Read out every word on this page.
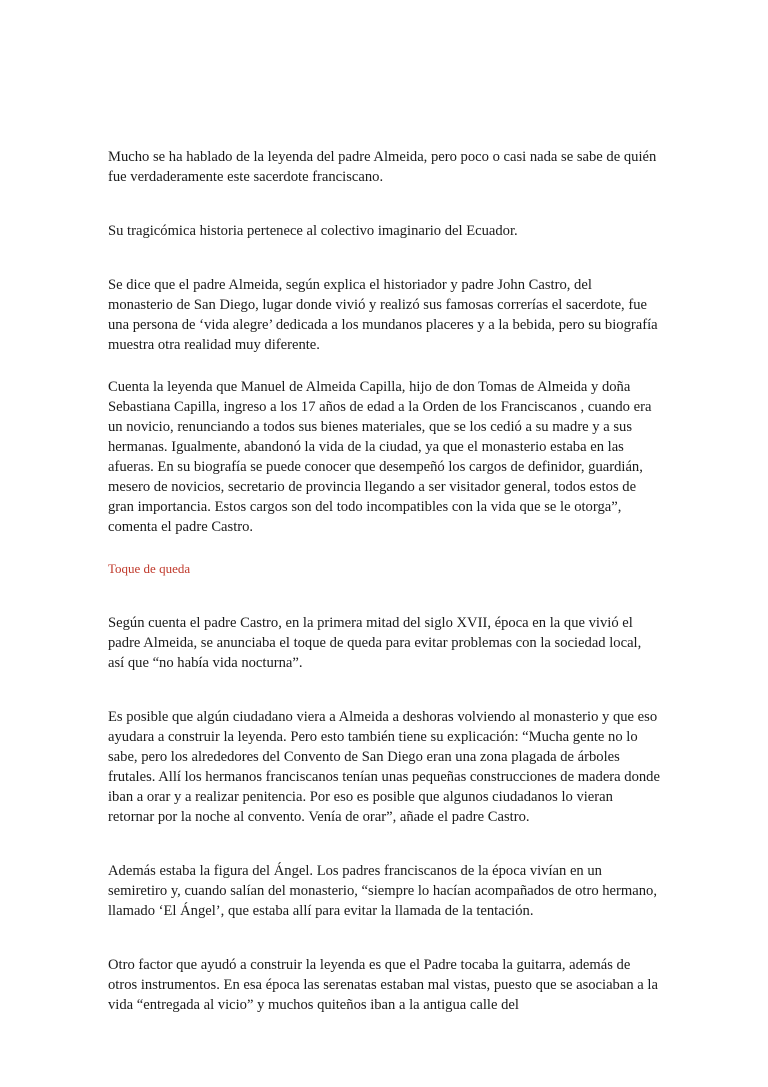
Mucho se ha hablado de la leyenda del padre Almeida, pero poco o casi nada se sabe de quién fue verdaderamente este sacerdote franciscano.

Su tragicómica historia pertenece al colectivo imaginario del Ecuador.

Se dice que el padre Almeida, según explica el historiador y padre John Castro, del monasterio de San Diego, lugar donde vivió y realizó sus famosas correrías el sacerdote, fue una persona de ‘vida alegre’ dedicada a los mundanos placeres y a la bebida, pero su biografía muestra otra realidad muy diferente.

Cuenta la leyenda que Manuel de Almeida Capilla, hijo de don Tomas de Almeida y doña Sebastiana Capilla, ingreso a los 17 años de edad a la Orden de los Franciscanos , cuando era un novicio, renunciando a todos sus bienes materiales, que se los cedió a su madre y a sus hermanas. Igualmente, abandonó la vida de la ciudad, ya que el monasterio estaba en las afueras. En su biografía se puede conocer que desempeñó los cargos de definidor, guardián, mesero de novicios, secretario de provincia llegando a ser visitador general, todos estos de gran importancia. Estos cargos son del todo incompatibles con la vida que se le otorga”, comenta el padre Castro.

Toque de queda

Según cuenta el padre Castro, en la primera mitad del siglo XVII, época en la que vivió el padre Almeida, se anunciaba el toque de queda para evitar problemas con la sociedad local, así que “no había vida nocturna”.

Es posible que algún ciudadano viera a Almeida a deshoras volviendo al monasterio y que eso ayudara a construir la leyenda. Pero esto también tiene su explicación: “Mucha gente no lo sabe, pero los alrededores del Convento de San Diego eran una zona plagada de árboles frutales. Allí los hermanos franciscanos tenían unas pequeñas construcciones de madera donde iban a orar y a realizar penitencia. Por eso es posible que algunos ciudadanos lo vieran retornar por la noche al convento. Venía de orar”, añade el padre Castro.

Además estaba la figura del Ángel. Los padres franciscanos de la época vivían en un semiretiro y, cuando salían del monasterio, “siempre lo hacían acompañados de otro hermano, llamado ‘El Ángel’, que estaba allí para evitar la llamada de la tentación.

Otro factor que ayudó a construir la leyenda es que el Padre tocaba la guitarra, además de otros instrumentos. En esa época las serenatas estaban mal vistas, puesto que se asociaban a la vida “entregada al vicio” y muchos quiteños iban a la antigua calle del
